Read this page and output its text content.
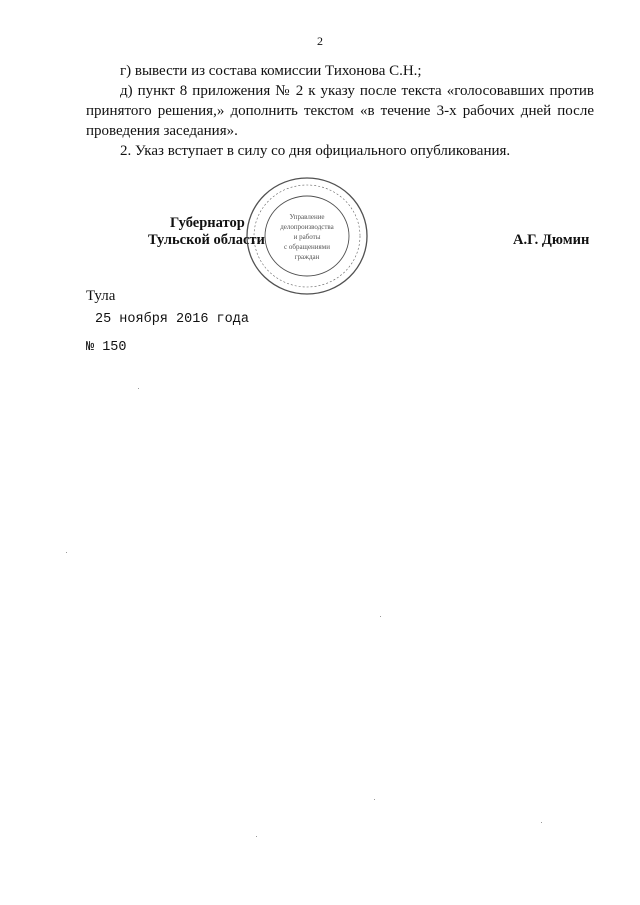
2

г) вывести из состава комиссии Тихонова С.Н.;

д) пункт 8 приложения № 2 к указу после текста «голосовавших против принятого решения,» дополнить текстом «в течение 3-х рабочих дней после проведения заседания».

2. Указ вступает в силу со дня официального опубликования.

Губернатор
Тульской области	А.Г. Дюмин
Управление
делопроизводства
и работы
с обращениями
граждан
Тула
25 ноября 2016 года
№ 150
